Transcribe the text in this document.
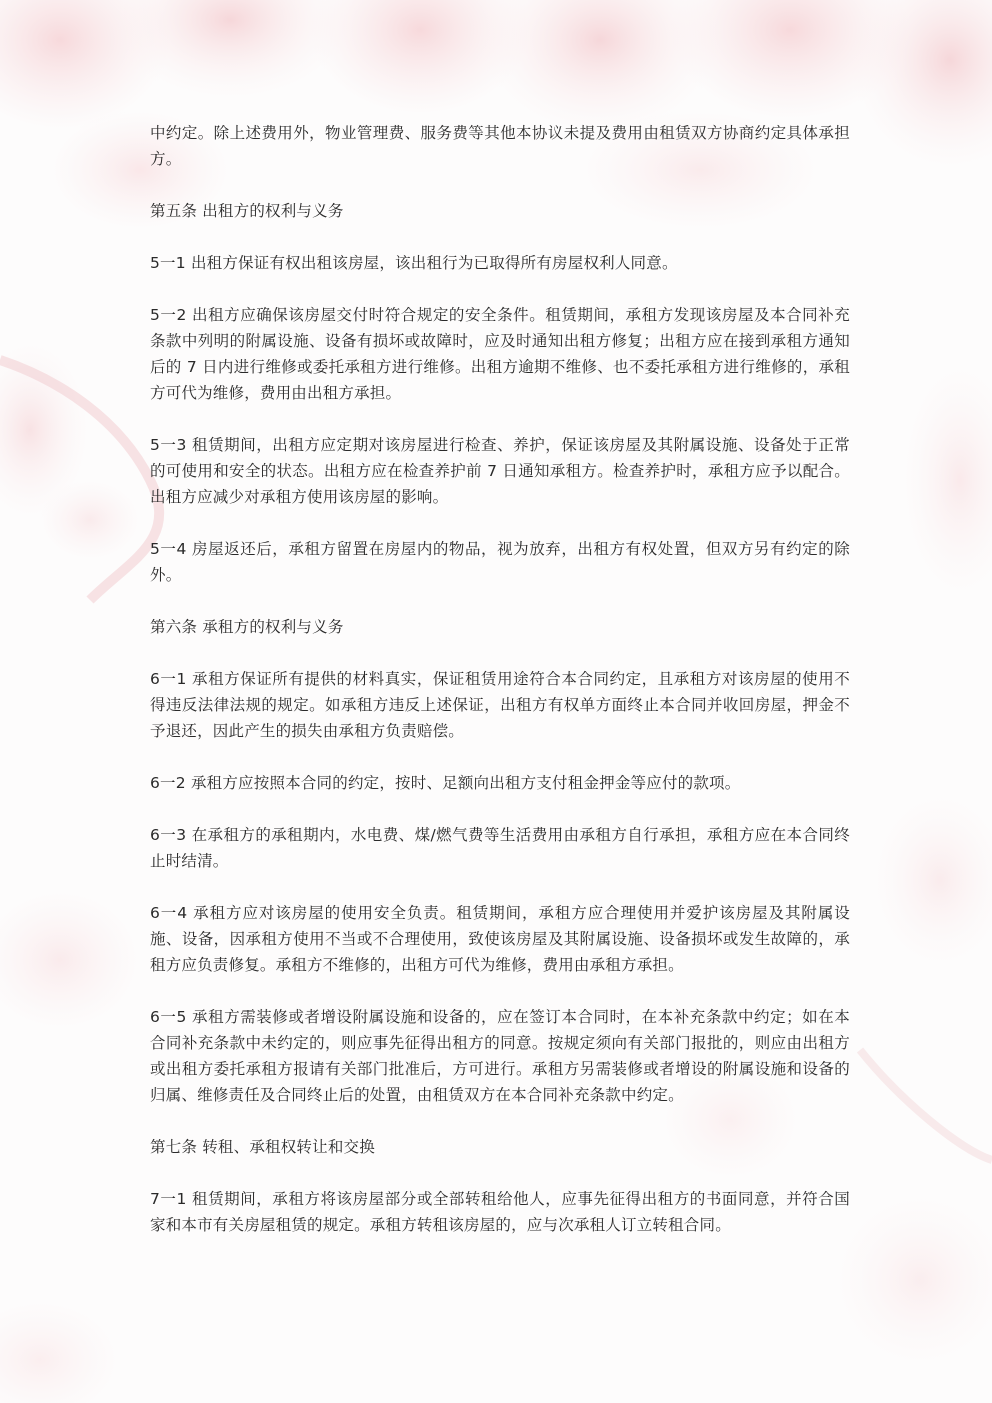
中约定。除上述费用外，物业管理费、服务费等其他本协议未提及费用由租赁双方协商约定具体承担方。

第五条 出租方的权利与义务

5一1 出租方保证有权出租该房屋，该出租行为已取得所有房屋权利人同意。

5一2 出租方应确保该房屋交付时符合规定的安全条件。租赁期间，承租方发现该房屋及本合同补充条款中列明的附属设施、设备有损坏或故障时，应及时通知出租方修复；出租方应在接到承租方通知后的 7 日内进行维修或委托承租方进行维修。出租方逾期不维修、也不委托承租方进行维修的，承租方可代为维修，费用由出租方承担。

5一3 租赁期间，出租方应定期对该房屋进行检查、养护，保证该房屋及其附属设施、设备处于正常的可使用和安全的状态。出租方应在检查养护前 7 日通知承租方。检查养护时，承租方应予以配合。出租方应减少对承租方使用该房屋的影响。

5一4 房屋返还后，承租方留置在房屋内的物品，视为放弃，出租方有权处置，但双方另有约定的除外。

第六条 承租方的权利与义务

6一1 承租方保证所有提供的材料真实，保证租赁用途符合本合同约定，且承租方对该房屋的使用不得违反法律法规的规定。如承租方违反上述保证，出租方有权单方面终止本合同并收回房屋，押金不予退还，因此产生的损失由承租方负责赔偿。

6一2 承租方应按照本合同的约定，按时、足额向出租方支付租金押金等应付的款项。

6一3 在承租方的承租期内，水电费、煤/燃气费等生活费用由承租方自行承担，承租方应在本合同终止时结清。

6一4 承租方应对该房屋的使用安全负责。租赁期间，承租方应合理使用并爱护该房屋及其附属设施、设备，因承租方使用不当或不合理使用，致使该房屋及其附属设施、设备损坏或发生故障的，承租方应负责修复。承租方不维修的，出租方可代为维修，费用由承租方承担。

6一5 承租方需装修或者增设附属设施和设备的，应在签订本合同时，在本补充条款中约定；如在本合同补充条款中未约定的，则应事先征得出租方的同意。按规定须向有关部门报批的，则应由出租方或出租方委托承租方报请有关部门批准后，方可进行。承租方另需装修或者增设的附属设施和设备的归属、维修责任及合同终止后的处置，由租赁双方在本合同补充条款中约定。

第七条 转租、承租权转让和交换

7一1 租赁期间，承租方将该房屋部分或全部转租给他人，应事先征得出租方的书面同意，并符合国家和本市有关房屋租赁的规定。承租方转租该房屋的，应与次承租人订立转租合同。
